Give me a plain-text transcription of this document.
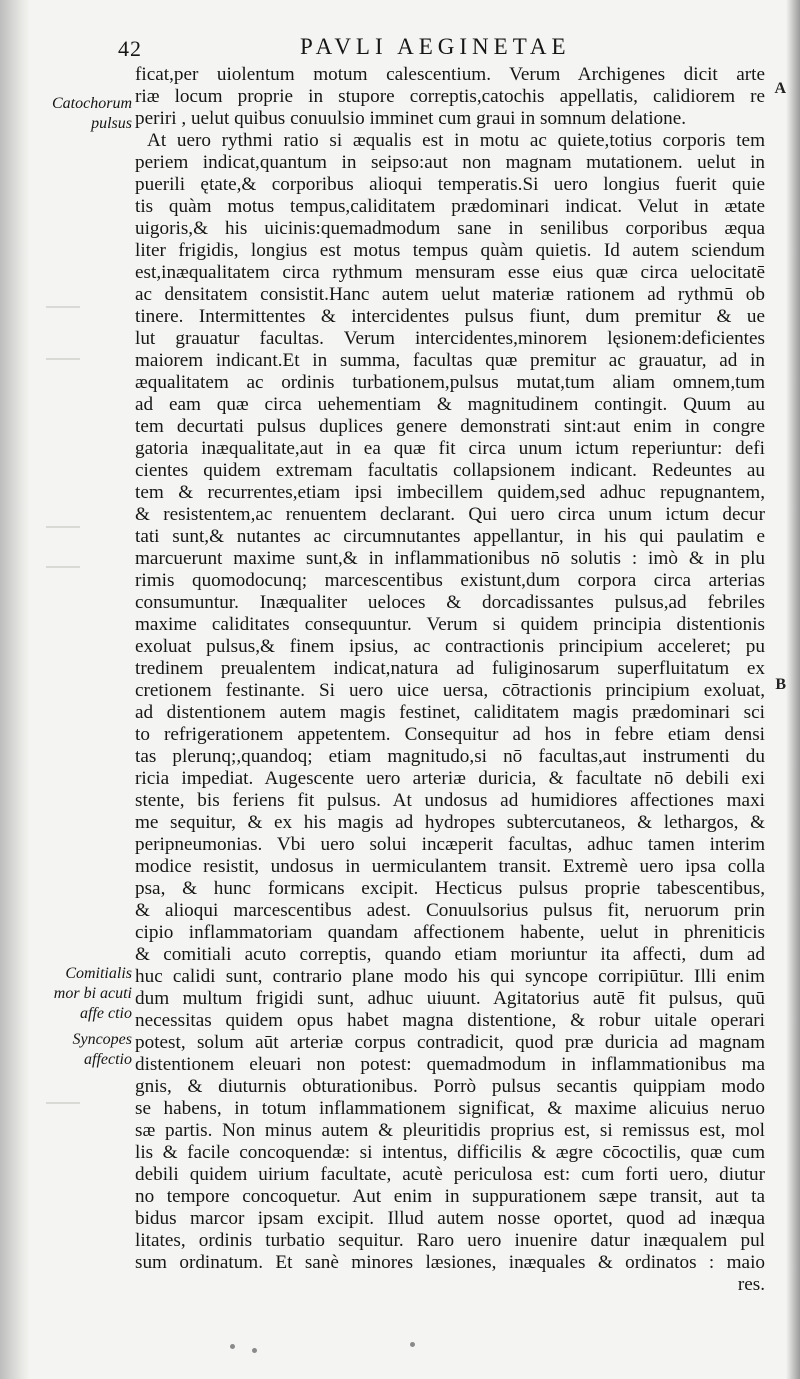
42	PAVLI AEGINETAE
Catochorum pulsus
Comitialis mor bi acuti affe ctio
Syncopes affectio
A
B
ficat,per uiolentum motum calescentium. Verum Archigenes dicit arte
riæ locum proprie in stupore correptis,catochis appellatis, calidiorem re
periri , uelut quibus conuulsio imminet cum graui in somnum delatione.
At uero rythmi ratio si æqualis est in motu ac quiete,totius corporis tem
periem indicat,quantum in seipso:aut non magnam mutationem. uelut in
puerili ętate,& corporibus alioqui temperatis.Si uero longius fuerit quie
tis quàm motus tempus,caliditatem prædominari indicat. Velut in ætate
uigoris,& his uicinis:quemadmodum sane in senilibus corporibus æqua
liter frigidis, longius est motus tempus quàm quietis. Id autem sciendum
est,inæqualitatem circa rythmum mensuram esse eius quæ circa uelocitatē
ac densitatem consistit.Hanc autem uelut materiæ rationem ad rythmū ob
tinere. Intermittentes & intercidentes pulsus fiunt, dum premitur & ue
lut grauatur facultas. Verum intercidentes,minorem lęsionem:deficientes
maiorem indicant.Et in summa, facultas quæ premitur ac grauatur, ad in
æqualitatem ac ordinis turbationem,pulsus mutat,tum aliam omnem,tum
ad eam quæ circa uehementiam & magnitudinem contingit. Quum au
tem decurtati pulsus duplices genere demonstrati sint:aut enim in congre
gatoria inæqualitate,aut in ea quæ fit circa unum ictum reperiuntur: defi
cientes quidem extremam facultatis collapsionem indicant. Redeuntes au
tem & recurrentes,etiam ipsi imbecillem quidem,sed adhuc repugnantem,
& resistentem,ac renuentem declarant. Qui uero circa unum ictum decur
tati sunt,& nutantes ac circumnutantes appellantur, in his qui paulatim e
marcuerunt maxime sunt,& in inflammationibus nō solutis : imò & in plu
rimis quomodocunq; marcescentibus existunt,dum corpora circa arterias
consumuntur. Inæqualiter ueloces & dorcadissantes pulsus,ad febriles
maxime caliditates consequuntur. Verum si quidem principia distentionis
exoluat pulsus,& finem ipsius, ac contractionis principium acceleret; pu
tredinem preualentem indicat,natura ad fuliginosarum superfluitatum ex
cretionem festinante. Si uero uice uersa, cōtractionis principium exoluat,
ad distentionem autem magis festinet, caliditatem magis prædominari sci
to refrigerationem appetentem. Consequitur ad hos in febre etiam densi
tas plerunq;,quandoq; etiam magnitudo,si nō facultas,aut instrumenti du
ricia impediat. Augescente uero arteriæ duricia, & facultate nō debili exi
stente, bis feriens fit pulsus. At undosus ad humidiores affectiones maxi
me sequitur, & ex his magis ad hydropes subtercutaneos, & lethargos, &
peripneumonias. Vbi uero solui incæperit facultas, adhuc tamen interim
modice resistit, undosus in uermiculantem transit. Extremè uero ipsa colla
psa, & hunc formicans excipit. Hecticus pulsus proprie tabescentibus,
& alioqui marcescentibus adest. Conuulsorius pulsus fit, neruorum prin
cipio inflammatoriam quandam affectionem habente, uelut in phreniticis
& comitiali acuto correptis, quando etiam moriuntur ita affecti, dum ad
huc calidi sunt, contrario plane modo his qui syncope corripiūtur. Illi enim
dum multum frigidi sunt, adhuc uiuunt. Agitatorius autē fit pulsus, quū
necessitas quidem opus habet magna distentione, & robur uitale operari
potest, solum aūt arteriæ corpus contradicit, quod præ duricia ad magnam
distentionem eleuari non potest: quemadmodum in inflammationibus ma
gnis, & diuturnis obturationibus. Porrò pulsus secantis quippiam modo
se habens, in totum inflammationem significat, & maxime alicuius neruo
sæ partis. Non minus autem & pleuritidis proprius est, si remissus est, mol
lis & facile concoquendæ: si intentus, difficilis & ægre cōcoctilis, quæ cum
debili quidem uirium facultate, acutè periculosa est: cum forti uero, diutur
no tempore concoquetur. Aut enim in suppurationem sæpe transit, aut ta
bidus marcor ipsam excipit. Illud autem nosse oportet, quod ad inæqua
litates, ordinis turbatio sequitur. Raro uero inuenire datur inæqualem pul
sum ordinatum. Et sanè minores læsiones, inæquales & ordinatos : maio
res.
